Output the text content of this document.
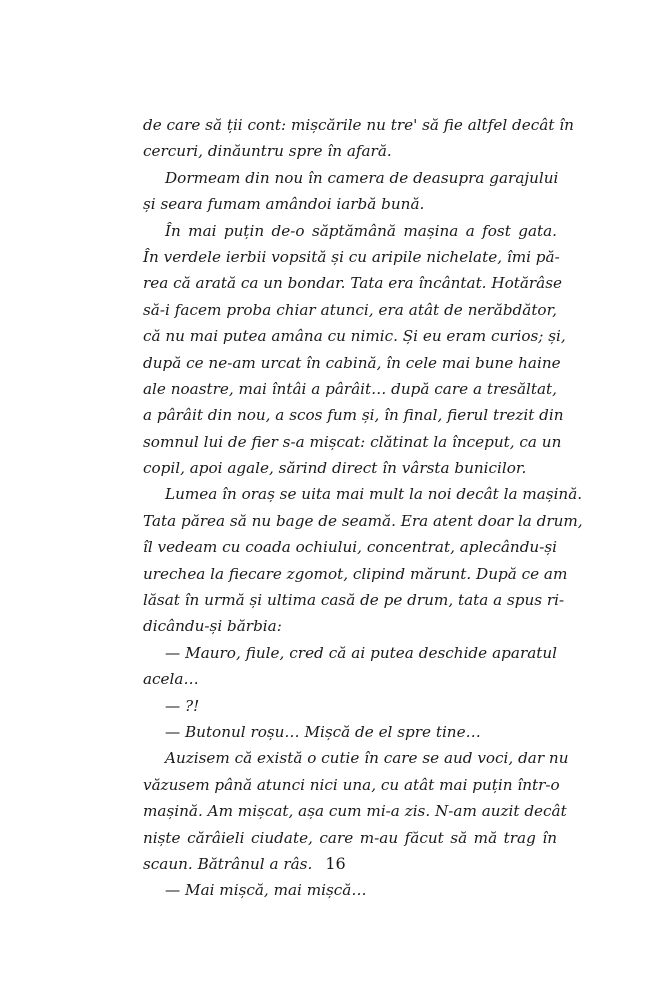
de care să ții cont: mișcările nu tre' să fie altfel decât în
cercuri, dinăuntru spre în afară.
Dormeam din nou în camera de deasupra garajului
și seara fumam amândoi iarbă bună.
În mai puțin de-o săptămână mașina a fost gata.
În verdele ierbii vopsită și cu aripile nichelate, îmi pă-
rea că arată ca un bondar. Tata era încântat. Hotărâse
să-i facem proba chiar atunci, era atât de nerăbdător,
că nu mai putea amâna cu nimic. Și eu eram curios; și,
după ce ne-am urcat în cabină, în cele mai bune haine
ale noastre, mai întâi a pârâit… după care a tresăltat,
a pârâit din nou, a scos fum și, în final, fierul trezit din
somnul lui de fier s-a mișcat: clătinat la început, ca un
copil, apoi agale, sărind direct în vârsta bunicilor.
Lumea în oraș se uita mai mult la noi decât la mașină.
Tata părea să nu bage de seamă. Era atent doar la drum,
îl vedeam cu coada ochiului, concentrat, aplecându-și
urechea la fiecare zgomot, clipind mărunt. După ce am
lăsat în urmă și ultima casă de pe drum, tata a spus ri-
dicându-și bărbia:
— Mauro, fiule, cred că ai putea deschide aparatul
acela…
— ?!
— Butonul roșu… Mișcă de el spre tine…
Auzisem că există o cutie în care se aud voci, dar nu
văzusem până atunci nici una, cu atât mai puțin într-o
mașină. Am mișcat, așa cum mi-a zis. N-am auzit decât
niște cărâieli ciudate, care m-au făcut să mă trag în
scaun. Bătrânul a râs.
— Mai mișcă, mai mișcă…
16
